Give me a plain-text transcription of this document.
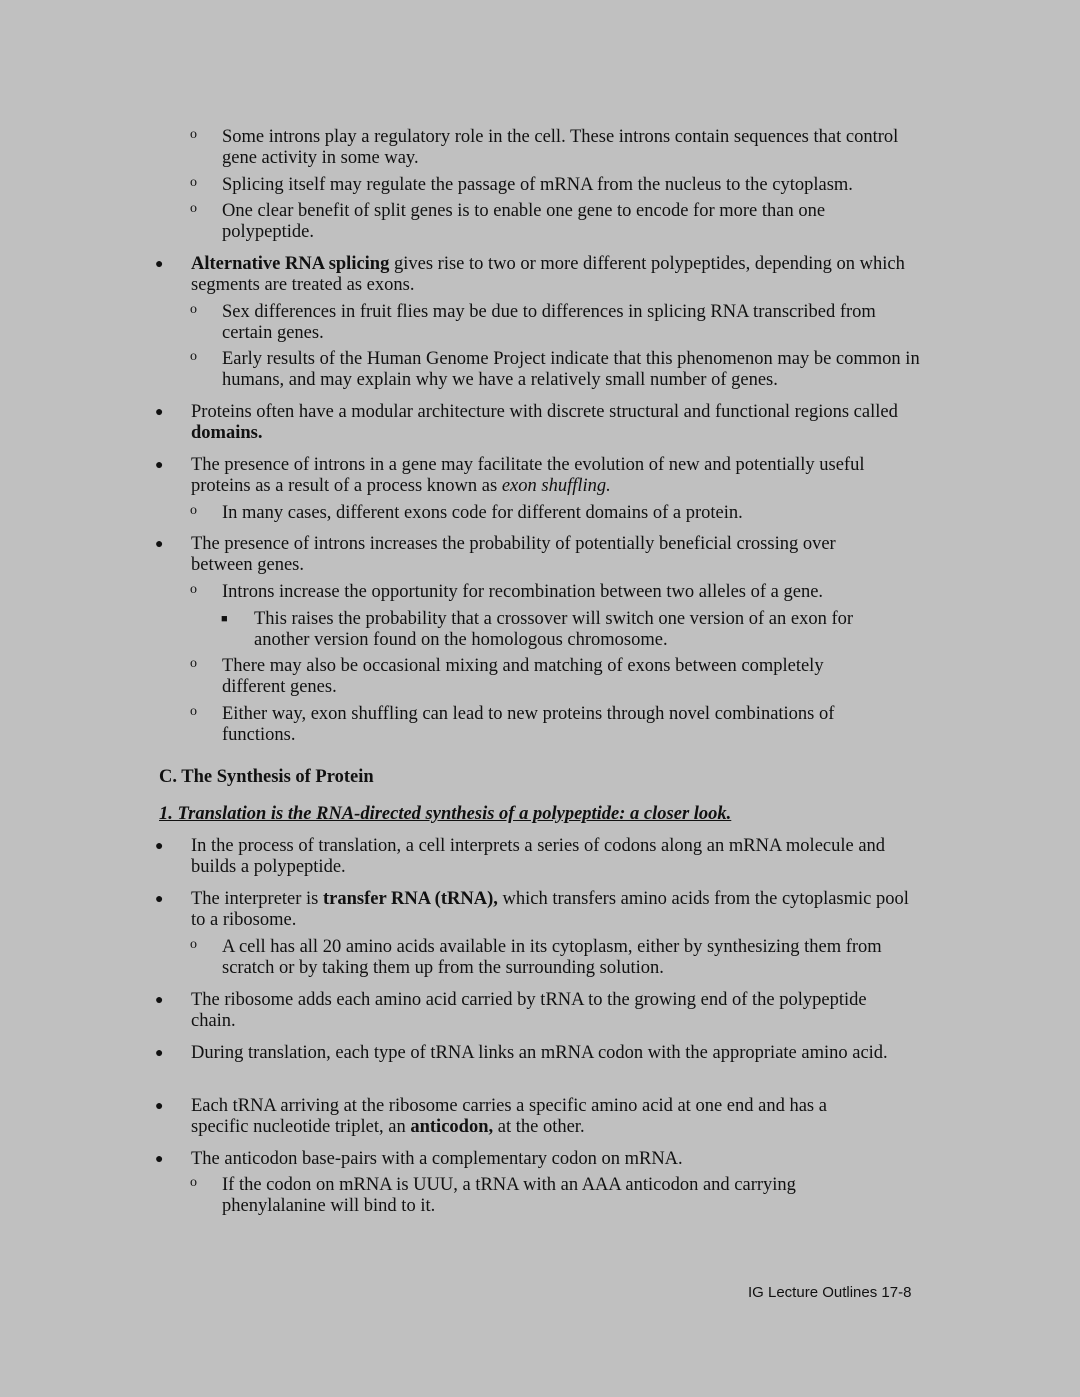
o Some introns play a regulatory role in the cell. These introns contain sequences that control gene activity in some way.
o Splicing itself may regulate the passage of mRNA from the nucleus to the cytoplasm.
o One clear benefit of split genes is to enable one gene to encode for more than one polypeptide.
● Alternative RNA splicing gives rise to two or more different polypeptides, depending on which segments are treated as exons.
o Sex differences in fruit flies may be due to differences in splicing RNA transcribed from certain genes.
o Early results of the Human Genome Project indicate that this phenomenon may be common in humans, and may explain why we have a relatively small number of genes.
● Proteins often have a modular architecture with discrete structural and functional regions called domains.
● The presence of introns in a gene may facilitate the evolution of new and potentially useful proteins as a result of a process known as exon shuffling.
o In many cases, different exons code for different domains of a protein.
● The presence of introns increases the probability of potentially beneficial crossing over between genes.
o Introns increase the opportunity for recombination between two alleles of a gene.
■ This raises the probability that a crossover will switch one version of an exon for another version found on the homologous chromosome.
o There may also be occasional mixing and matching of exons between completely different genes.
o Either way, exon shuffling can lead to new proteins through novel combinations of functions.
C. The Synthesis of Protein
1. Translation is the RNA-directed synthesis of a polypeptide: a closer look.
● In the process of translation, a cell interprets a series of codons along an mRNA molecule and builds a polypeptide.
● The interpreter is transfer RNA (tRNA), which transfers amino acids from the cytoplasmic pool to a ribosome.
o A cell has all 20 amino acids available in its cytoplasm, either by synthesizing them from scratch or by taking them up from the surrounding solution.
● The ribosome adds each amino acid carried by tRNA to the growing end of the polypeptide chain.
● During translation, each type of tRNA links an mRNA codon with the appropriate amino acid.
● Each tRNA arriving at the ribosome carries a specific amino acid at one end and has a specific nucleotide triplet, an anticodon, at the other.
● The anticodon base-pairs with a complementary codon on mRNA.
o If the codon on mRNA is UUU, a tRNA with an AAA anticodon and carrying phenylalanine will bind to it.
IG Lecture Outlines 17-8
